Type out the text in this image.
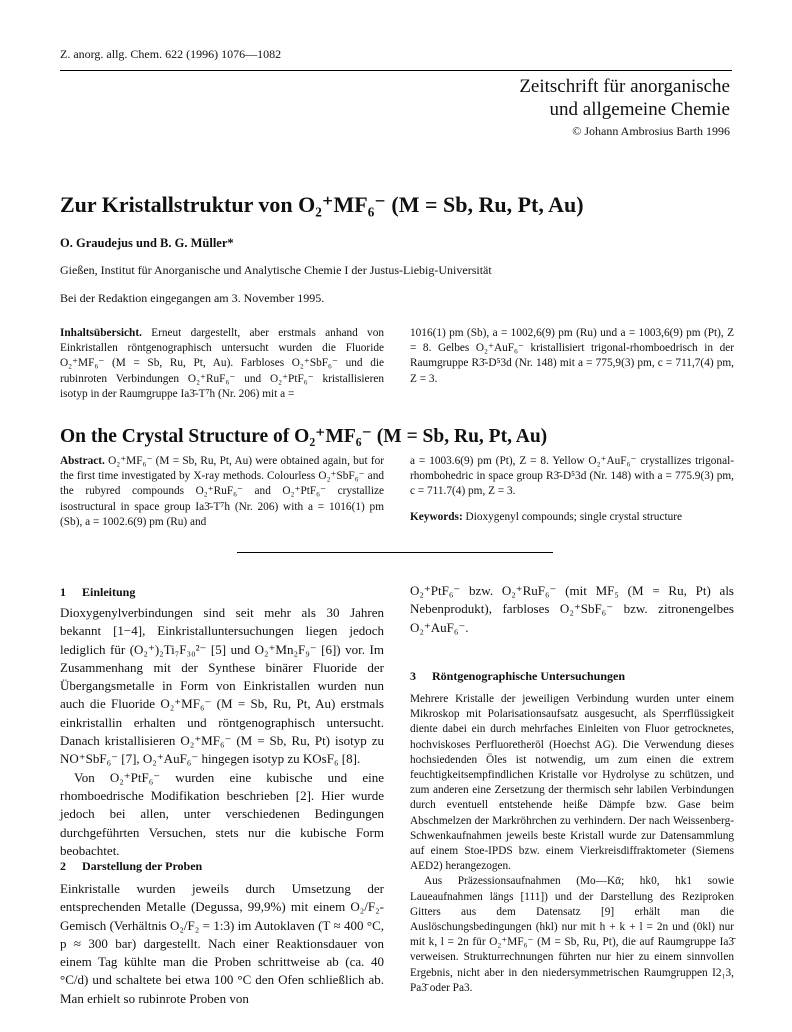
Z. anorg. allg. Chem. 622 (1996) 1076—1082
Zeitschrift für anorganische
und allgemeine Chemie
© Johann Ambrosius Barth 1996
Zur Kristallstruktur von O₂⁺MF₆⁻ (M = Sb, Ru, Pt, Au)
O. Graudejus und B. G. Müller*
Gießen, Institut für Anorganische und Analytische Chemie I der Justus-Liebig-Universität
Bei der Redaktion eingegangen am 3. November 1995.
Inhaltsübersicht. Erneut dargestellt, aber erstmals anhand von Einkristallen röntgenographisch untersucht wurden die Fluoride O₂⁺MF₆⁻ (M = Sb, Ru, Pt, Au). Farbloses O₂⁺SbF₆⁻ und die rubinroten Verbindungen O₂⁺RuF₆⁻ und O₂⁺PtF₆⁻ kristallisieren isotyp in der Raumgruppe Ia3̄-T⁷h (Nr. 206) mit a =
1016(1) pm (Sb), a = 1002,6(9) pm (Ru) und a = 1003,6(9) pm (Pt), Z = 8. Gelbes O₂⁺AuF₆⁻ kristallisiert trigonal-rhomboedrisch in der Raumgruppe R3̄-D⁵3d (Nr. 148) mit a = 775,9(3) pm, c = 711,7(4) pm, Z = 3.
On the Crystal Structure of O₂⁺MF₆⁻ (M = Sb, Ru, Pt, Au)
Abstract. O₂⁺MF₆⁻ (M = Sb, Ru, Pt, Au) were obtained again, but for the first time investigated by X-ray methods. Colourless O₂⁺SbF₆⁻ and the rubyred compounds O₂⁺RuF₆⁻ and O₂⁺PtF₆⁻ crystallize isostructural in space group Ia3̄-T⁷h (Nr. 206) with a = 1016(1) pm (Sb), a = 1002.6(9) pm (Ru) and
a = 1003.6(9) pm (Pt), Z = 8. Yellow O₂⁺AuF₆⁻ crystallizes trigonal-rhombohedric in space group R3̄-D⁵3d (Nr. 148) with a = 775.9(3) pm, c = 711.7(4) pm, Z = 3.
Keywords: Dioxygenyl compounds; single crystal structure
1 Einleitung

Dioxygenylverbindungen sind seit mehr als 30 Jahren bekannt [1−4], Einkristalluntersuchungen liegen jedoch lediglich für (O₂⁺)₂Ti₇F₃₀²⁻ [5] und O₂⁺Mn₂F₉⁻ [6]) vor. Im Zusammenhang mit der Synthese binärer Fluoride der Übergangsmetalle in Form von Einkristallen wurden nun auch die Fluoride O₂⁺MF₆⁻ (M = Sb, Ru, Pt, Au) erstmals einkristallin erhalten und röntgenographisch untersucht. Danach kristallisieren O₂⁺MF₆⁻ (M = Sb, Ru, Pt) isotyp zu NO⁺SbF₆⁻ [7], O₂⁺AuF₆⁻ hingegen isotyp zu KOsF₆ [8].

Von O₂⁺PtF₆⁻ wurden eine kubische und eine rhomboedrische Modifikation beschrieben [2]. Hier wurde jedoch bei allen, unter verschiedenen Bedingungen durchgeführten Versuchen, stets nur die kubische Form beobachtet.

2 Darstellung der Proben

Einkristalle wurden jeweils durch Umsetzung der entsprechenden Metalle (Degussa, 99,9%) mit einem O₂/F₂-Gemisch (Verhältnis O₂/F₂ = 1:3) im Autoklaven (T ≈ 400 °C, p ≈ 300 bar) dargestellt. Nach einer Reaktionsdauer von einem Tag kühlte man die Proben schrittweise ab (ca. 40 °C/d) und schaltete bei etwa 100 °C den Ofen schließlich ab. Man erhielt so rubinrote Proben von

O₂⁺PtF₆⁻ bzw. O₂⁺RuF₆⁻ (mit MF₅ (M = Ru, Pt) als Nebenprodukt), farbloses O₂⁺SbF₆⁻ bzw. zitronengelbes O₂⁺AuF₆⁻.

3 Röntgenographische Untersuchungen

Mehrere Kristalle der jeweiligen Verbindung wurden unter einem Mikroskop mit Polarisationsaufsatz ausgesucht, als Sperrflüssigkeit diente dabei ein durch mehrfaches Einleiten von Fluor getrocknetes, hochviskoses Perfluoretheröl (Hoechst AG). Die Verwendung dieses hochsiedenden Öles ist notwendig, um zum einen die extrem feuchtigkeitsempfindlichen Kristalle vor Hydrolyse zu schützen, und zum anderen eine Zersetzung der thermisch sehr labilen Verbindungen durch eventuell entstehende heiße Dämpfe bzw. Gase beim Abschmelzen der Markröhrchen zu verhindern. Der nach Weissenberg-Schwenkaufnahmen jeweils beste Kristall wurde zur Datensammlung auf einem Stoe-IPDS bzw. einem Vierkreisdiffraktometer (Siemens AED2) herangezogen.

Aus Präzessionsaufnahmen (Mo—Kᾱ; hk0, hk1 sowie Laueaufnahmen längs [111]) und der Darstellung des Reziproken Gitters aus dem Datensatz [9] erhält man die Auslöschungsbedingungen (hkl) nur mit h + k + l = 2n und (0kl) nur mit k, l = 2n für O₂⁺MF₆⁻ (M = Sb, Ru, Pt), die auf Raumgruppe Ia3̄ verweisen. Strukturrechnungen führten nur hier zu einem sinnvollen Ergebnis, nicht aber in den niedersymmetrischen Raumgruppen I2₁3, Pa3̄ oder Pa3.
